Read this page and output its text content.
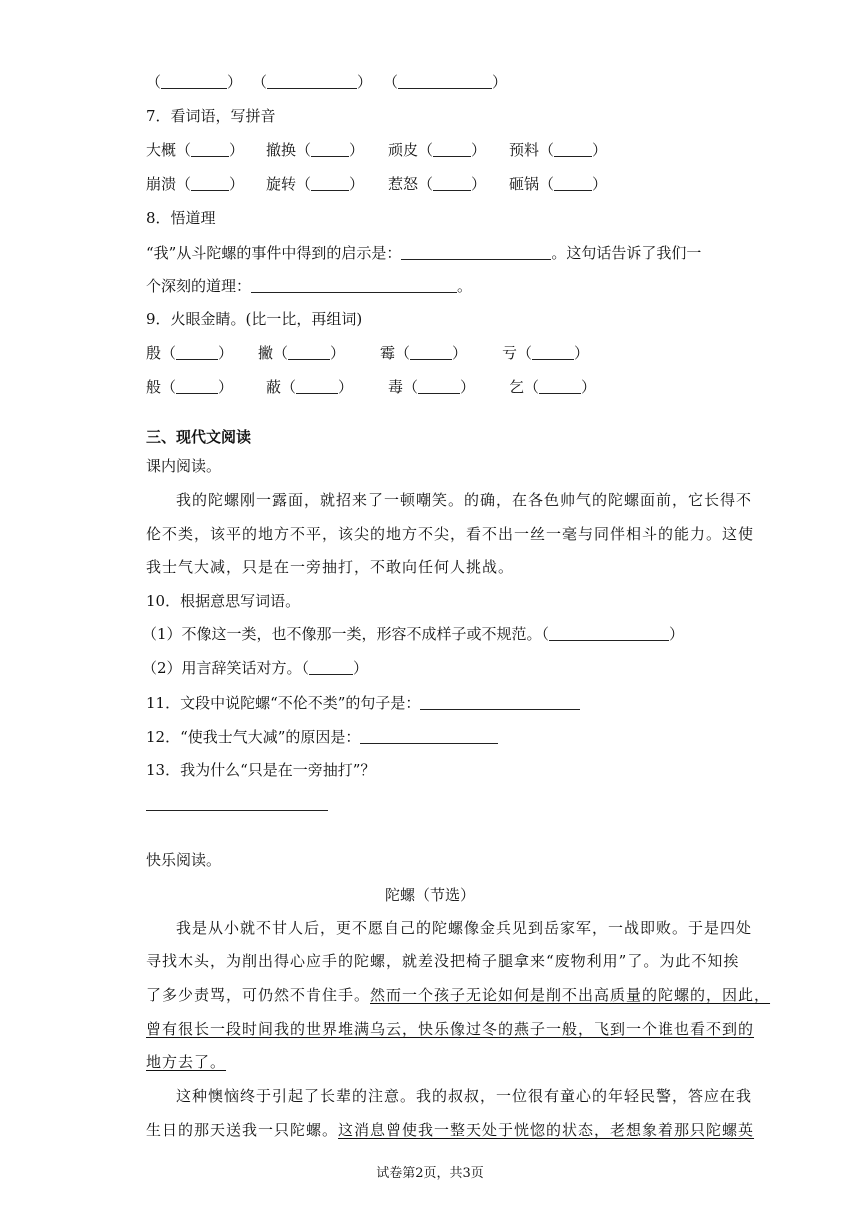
（	） （	） （	）
7．看词语，写拼音
大概（	） 撤换（	） 顽皮（	） 预料（	）
崩溃（	） 旋转（	） 惹怒（	） 砸锅（	）
8．悟道理
“我”从斗陀螺的事件中得到的启示是：	。这句话告诉了我们一
个深刻的道理：	。
9．火眼金睛。(比一比，再组词)
殷（	） 撇（	） 霉（	） 亏（	）
般（	） 蔽（	） 毒（	） 乞（	）
三、现代文阅读
课内阅读。
我的陀螺刚一露面，就招来了一顿嘲笑。的确，在各色帅气的陀螺面前，它长得不
伦不类，该平的地方不平，该尖的地方不尖，看不出一丝一毫与同伴相斗的能力。这使
我士气大减，只是在一旁抽打，不敢向任何人挑战。
10．根据意思写词语。
（1）不像这一类，也不像那一类，形容不成样子或不规范。（	）
（2）用言辞笑话对方。（	）
11．文段中说陀螺“不伦不类”的句子是：
12．“使我士气大减”的原因是：
13．我为什么“只是在一旁抽打”？
快乐阅读。
陀螺（节选）
我是从小就不甘人后，更不愿自己的陀螺像金兵见到岳家军，一战即败。于是四处
寻找木头，为削出得心应手的陀螺，就差没把椅子腿拿来“废物利用”了。为此不知挨
了多少责骂，可仍然不肯住手。然而一个孩子无论如何是削不出高质量的陀螺的，因此，
曾有很长一段时间我的世界堆满乌云，快乐像过冬的燕子一般，飞到一个谁也看不到的
地方去了。
这种懊恼终于引起了长辈的注意。我的叔叔，一位很有童心的年轻民警，答应在我
生日的那天送我一只陀螺。这消息曾使我一整天处于恍惚的状态，老想象着那只陀螺英
试卷第2页，共3页
